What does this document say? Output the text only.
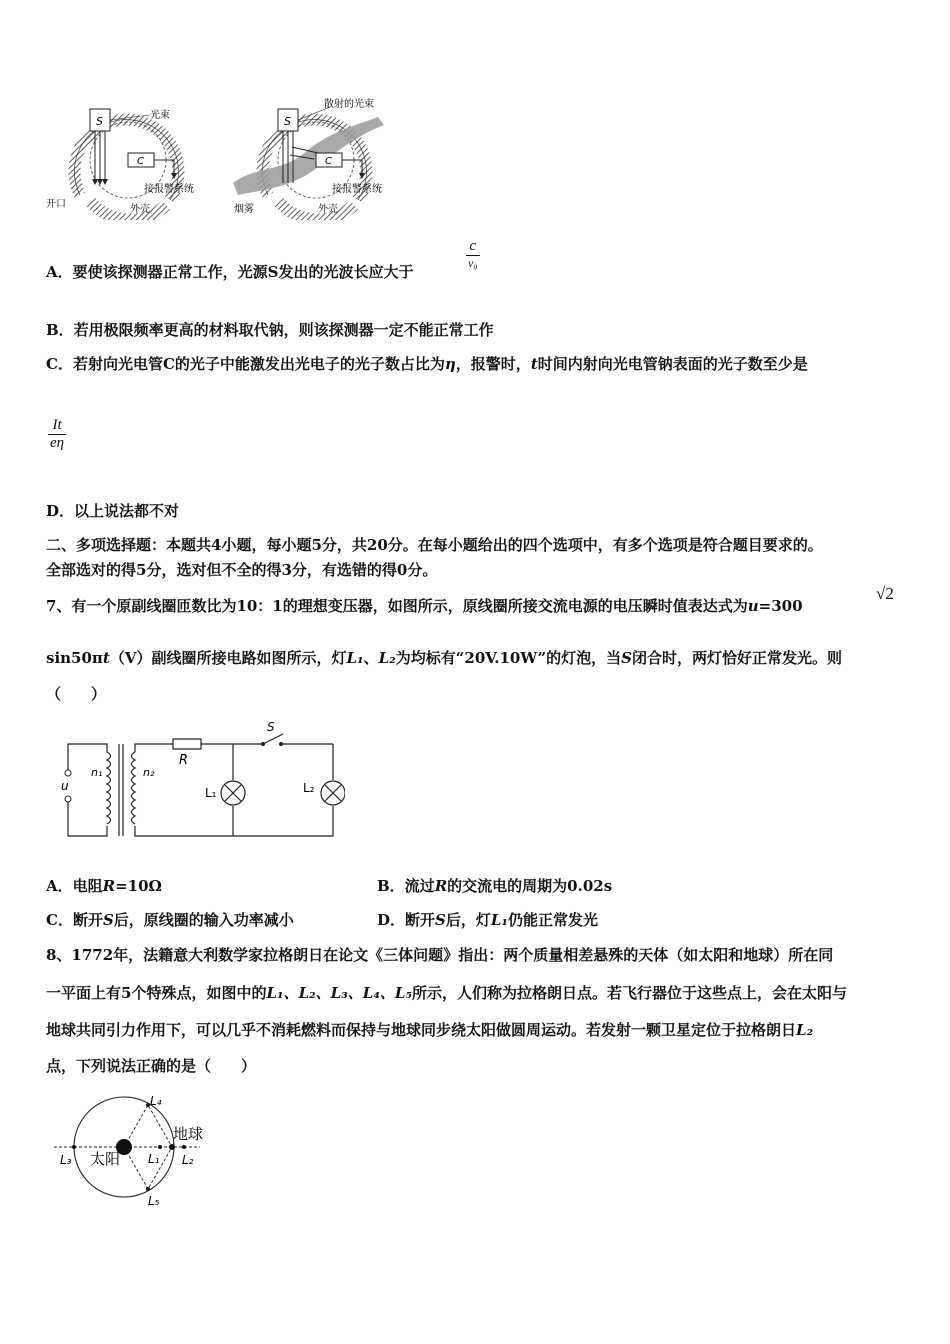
S	光束
C
接报警系统
开口	外壳
S
散射的光束
C
接报警系统
烟雾	外壳
A．要使该探测器正常工作，光源S发出的光波长应大于
c
v₀
B．若用极限频率更高的材料取代钠，则该探测器一定不能正常工作
C．若射向光电管C的光子中能激发出光电子的光子数占比为η，报警时，t时间内射向光电管钠表面的光子数至少是
$\frac{It}{e\eta}$
D．以上说法都不对
二、多项选择题：本题共4小题，每小题5分，共20分。在每小题给出的四个选项中，有多个选项是符合题目要求的。
全部选对的得5分，选对但不全的得3分，有选错的得0分。
7、有一个原副线圈匝数比为10：1的理想变压器，如图所示，原线圈所接交流电源的电压瞬时值表达式为u=300
√2
sin50πt（V）副线圈所接电路如图所示，灯L₁、L₂为均标有“20V.10W”的灯泡，当S闭合时，两灯恰好正常发光。则
（　　）
u
n₁	n₂
R
S
L₁	L₂
A．电阻R=10Ω	B．流过R的交流电的周期为0.02s
C．断开S后，原线圈的输入功率减小	D．断开S后，灯L₁仍能正常发光
8、1772年，法籍意大利数学家拉格朗日在论文《三体问题》指出：两个质量相差悬殊的天体（如太阳和地球）所在同
一平面上有5个特殊点，如图中的L₁、L₂、L₃、L₄、L₅所示，人们称为拉格朗日点。若飞行器位于这些点上，会在太阳与
地球共同引力作用下，可以几乎不消耗燃料而保持与地球同步绕太阳做圆周运动。若发射一颗卫星定位于拉格朗日L₂
点，下列说法正确的是（　　）
太阳
地球
L₃
L₄
L₁ L₂
L₅
